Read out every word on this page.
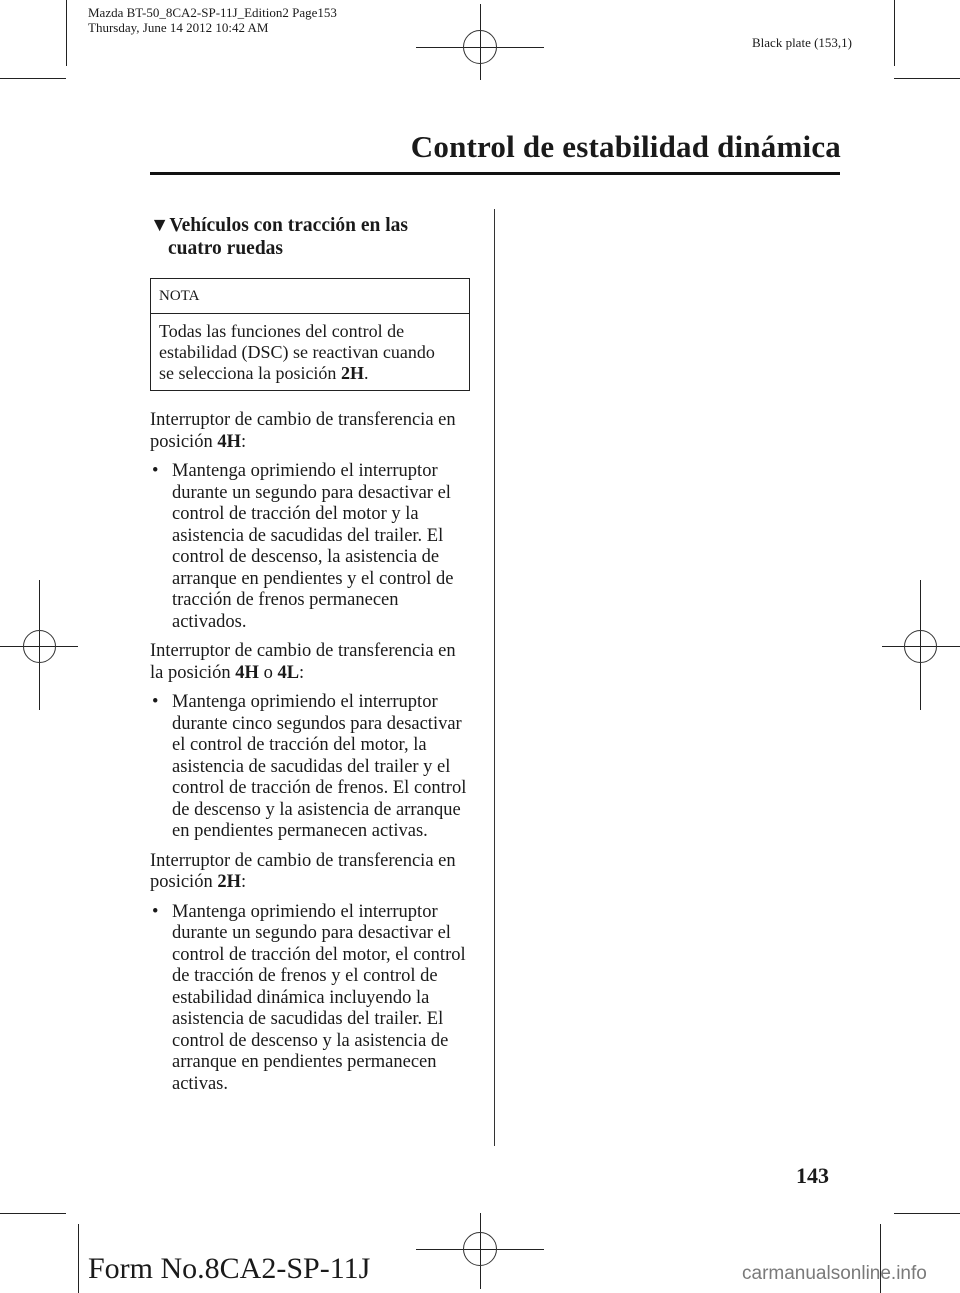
Mazda BT-50_8CA2-SP-11J_Edition2 Page153
Thursday, June 14 2012 10:42 AM
Black plate (153,1)
Control de estabilidad dinámica
▼Vehículos con tracción en las
cuatro ruedas
NOTA

Todas las funciones del control de

estabilidad (DSC) se reactivan cuando

se selecciona la posición 2H.

Interruptor de cambio de transferencia en

posición 4H:

• Mantenga oprimiendo el interruptor

durante un segundo para desactivar el

control de tracción del motor y la

asistencia de sacudidas del trailer. El

control de descenso, la asistencia de

arranque en pendientes y el control de

tracción de frenos permanecen

activados.

Interruptor de cambio de transferencia en

la posición 4H o 4L:

• Mantenga oprimiendo el interruptor

durante cinco segundos para desactivar

el control de tracción del motor, la

asistencia de sacudidas del trailer y el

control de tracción de frenos. El control

de descenso y la asistencia de arranque

en pendientes permanecen activas.

Interruptor de cambio de transferencia en

posición 2H:

• Mantenga oprimiendo el interruptor

durante un segundo para desactivar el

control de tracción del motor, el control

de tracción de frenos y el control de

estabilidad dinámica incluyendo la

asistencia de sacudidas del trailer. El

control de descenso y la asistencia de

arranque en pendientes permanecen

activas.

143
Form No.8CA2-SP-11J	carmanualsonline.info
